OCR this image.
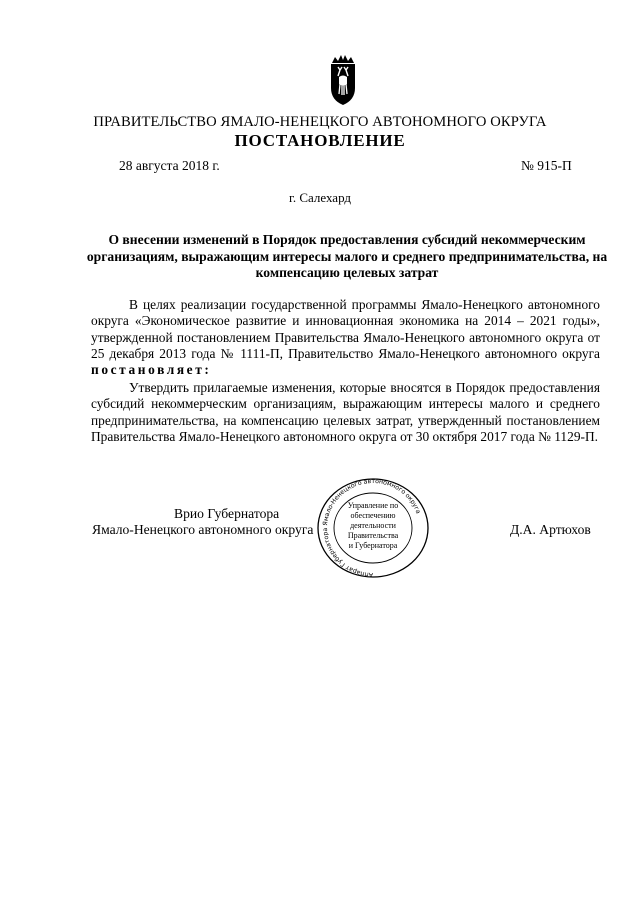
ПРАВИТЕЛЬСТВО ЯМАЛО-НЕНЕЦКОГО АВТОНОМНОГО ОКРУГА
ПОСТАНОВЛЕНИЕ
28 августа 2018 г.	№ 915-П
г. Салехард
О внесении изменений в Порядок предоставления субсидий некоммерческим организациям, выражающим интересы малого и среднего предпринимательства, на компенсацию целевых затрат
В целях реализации государственной программы Ямало-Ненецкого автономного округа «Экономическое развитие и инновационная экономика на 2014 – 2021 годы», утвержденной постановлением Правительства Ямало-Ненецкого автономного округа от 25 декабря 2013 года № 1111-П, Правительство Ямало-Ненецкого автономного округа постановляет:
Утвердить прилагаемые изменения, которые вносятся в Порядок предоставления субсидий некоммерческим организациям, выражающим интересы малого и среднего предпринимательства, на компенсацию целевых затрат, утвержденный постановлением Правительства Ямало-Ненецкого автономного округа от 30 октября 2017 года № 1129-П.
Врио Губернатора
Ямало-Ненецкого автономного округа	Д.А. Артюхов
Аппарат Губернатора Ямало-Ненецкого автономного округа
Управление по
обеспечению
деятельности
Правительства
и Губернатора
